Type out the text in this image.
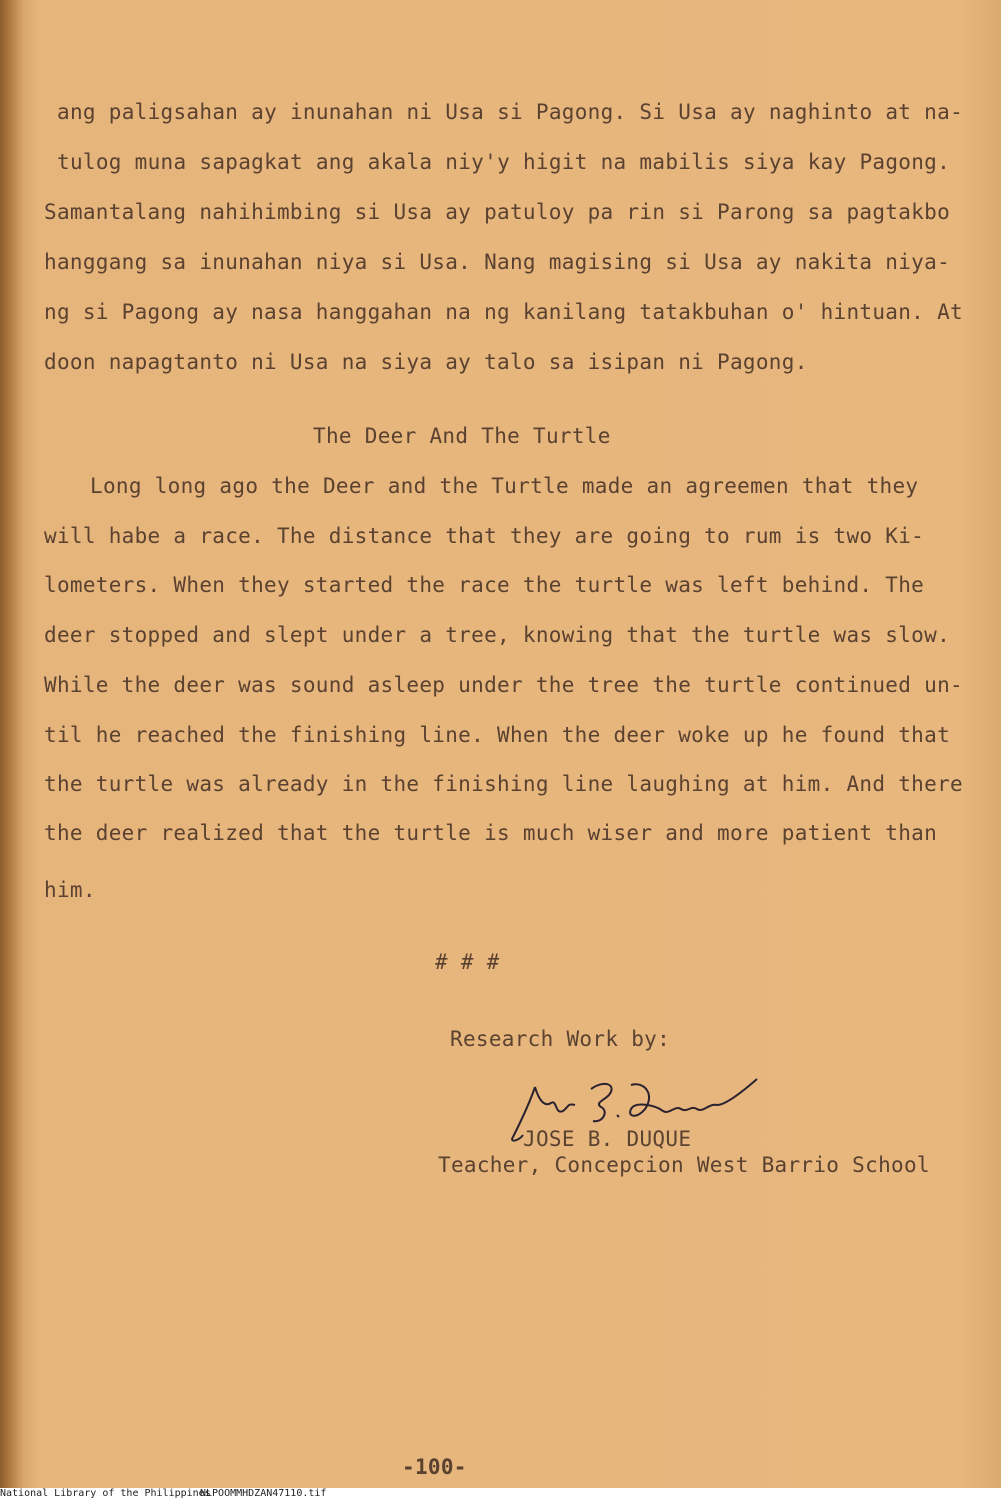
ang paligsahan ay inunahan ni Usa si Pagong. Si Usa ay naghinto at na-

tulog muna sapagkat ang akala niy'y higit na mabilis siya kay Pagong.

Samantalang nahihimbing si Usa ay patuloy pa rin si Parong sa pagtakbo

hanggang sa inunahan niya si Usa. Nang magising si Usa ay nakita niya-

ng si Pagong ay nasa hanggahan na ng kanilang tatakbuhan o' hintuan. At

doon napagtanto ni Usa na siya ay talo sa isipan ni Pagong.

The Deer And The Turtle

Long long ago the Deer and the Turtle made an agreemen that they

will habe a race. The distance that they are going to rum is two Ki-

lometers. When they started the race the turtle was left behind. The

deer stopped and slept under a tree, knowing that the turtle was slow.

While the deer was sound asleep under the tree the turtle continued un-

til he reached the finishing line. When the deer woke up he found that

the turtle was already in the finishing line laughing at him. And there

the deer realized that the turtle is much wiser and more patient than

him.

# # #

Research Work by:

JOSE B. DUQUE

Teacher, Concepcion West Barrio School

-100-

National Library of the Philippines
NLPOOMMHDZAN47110.tif
